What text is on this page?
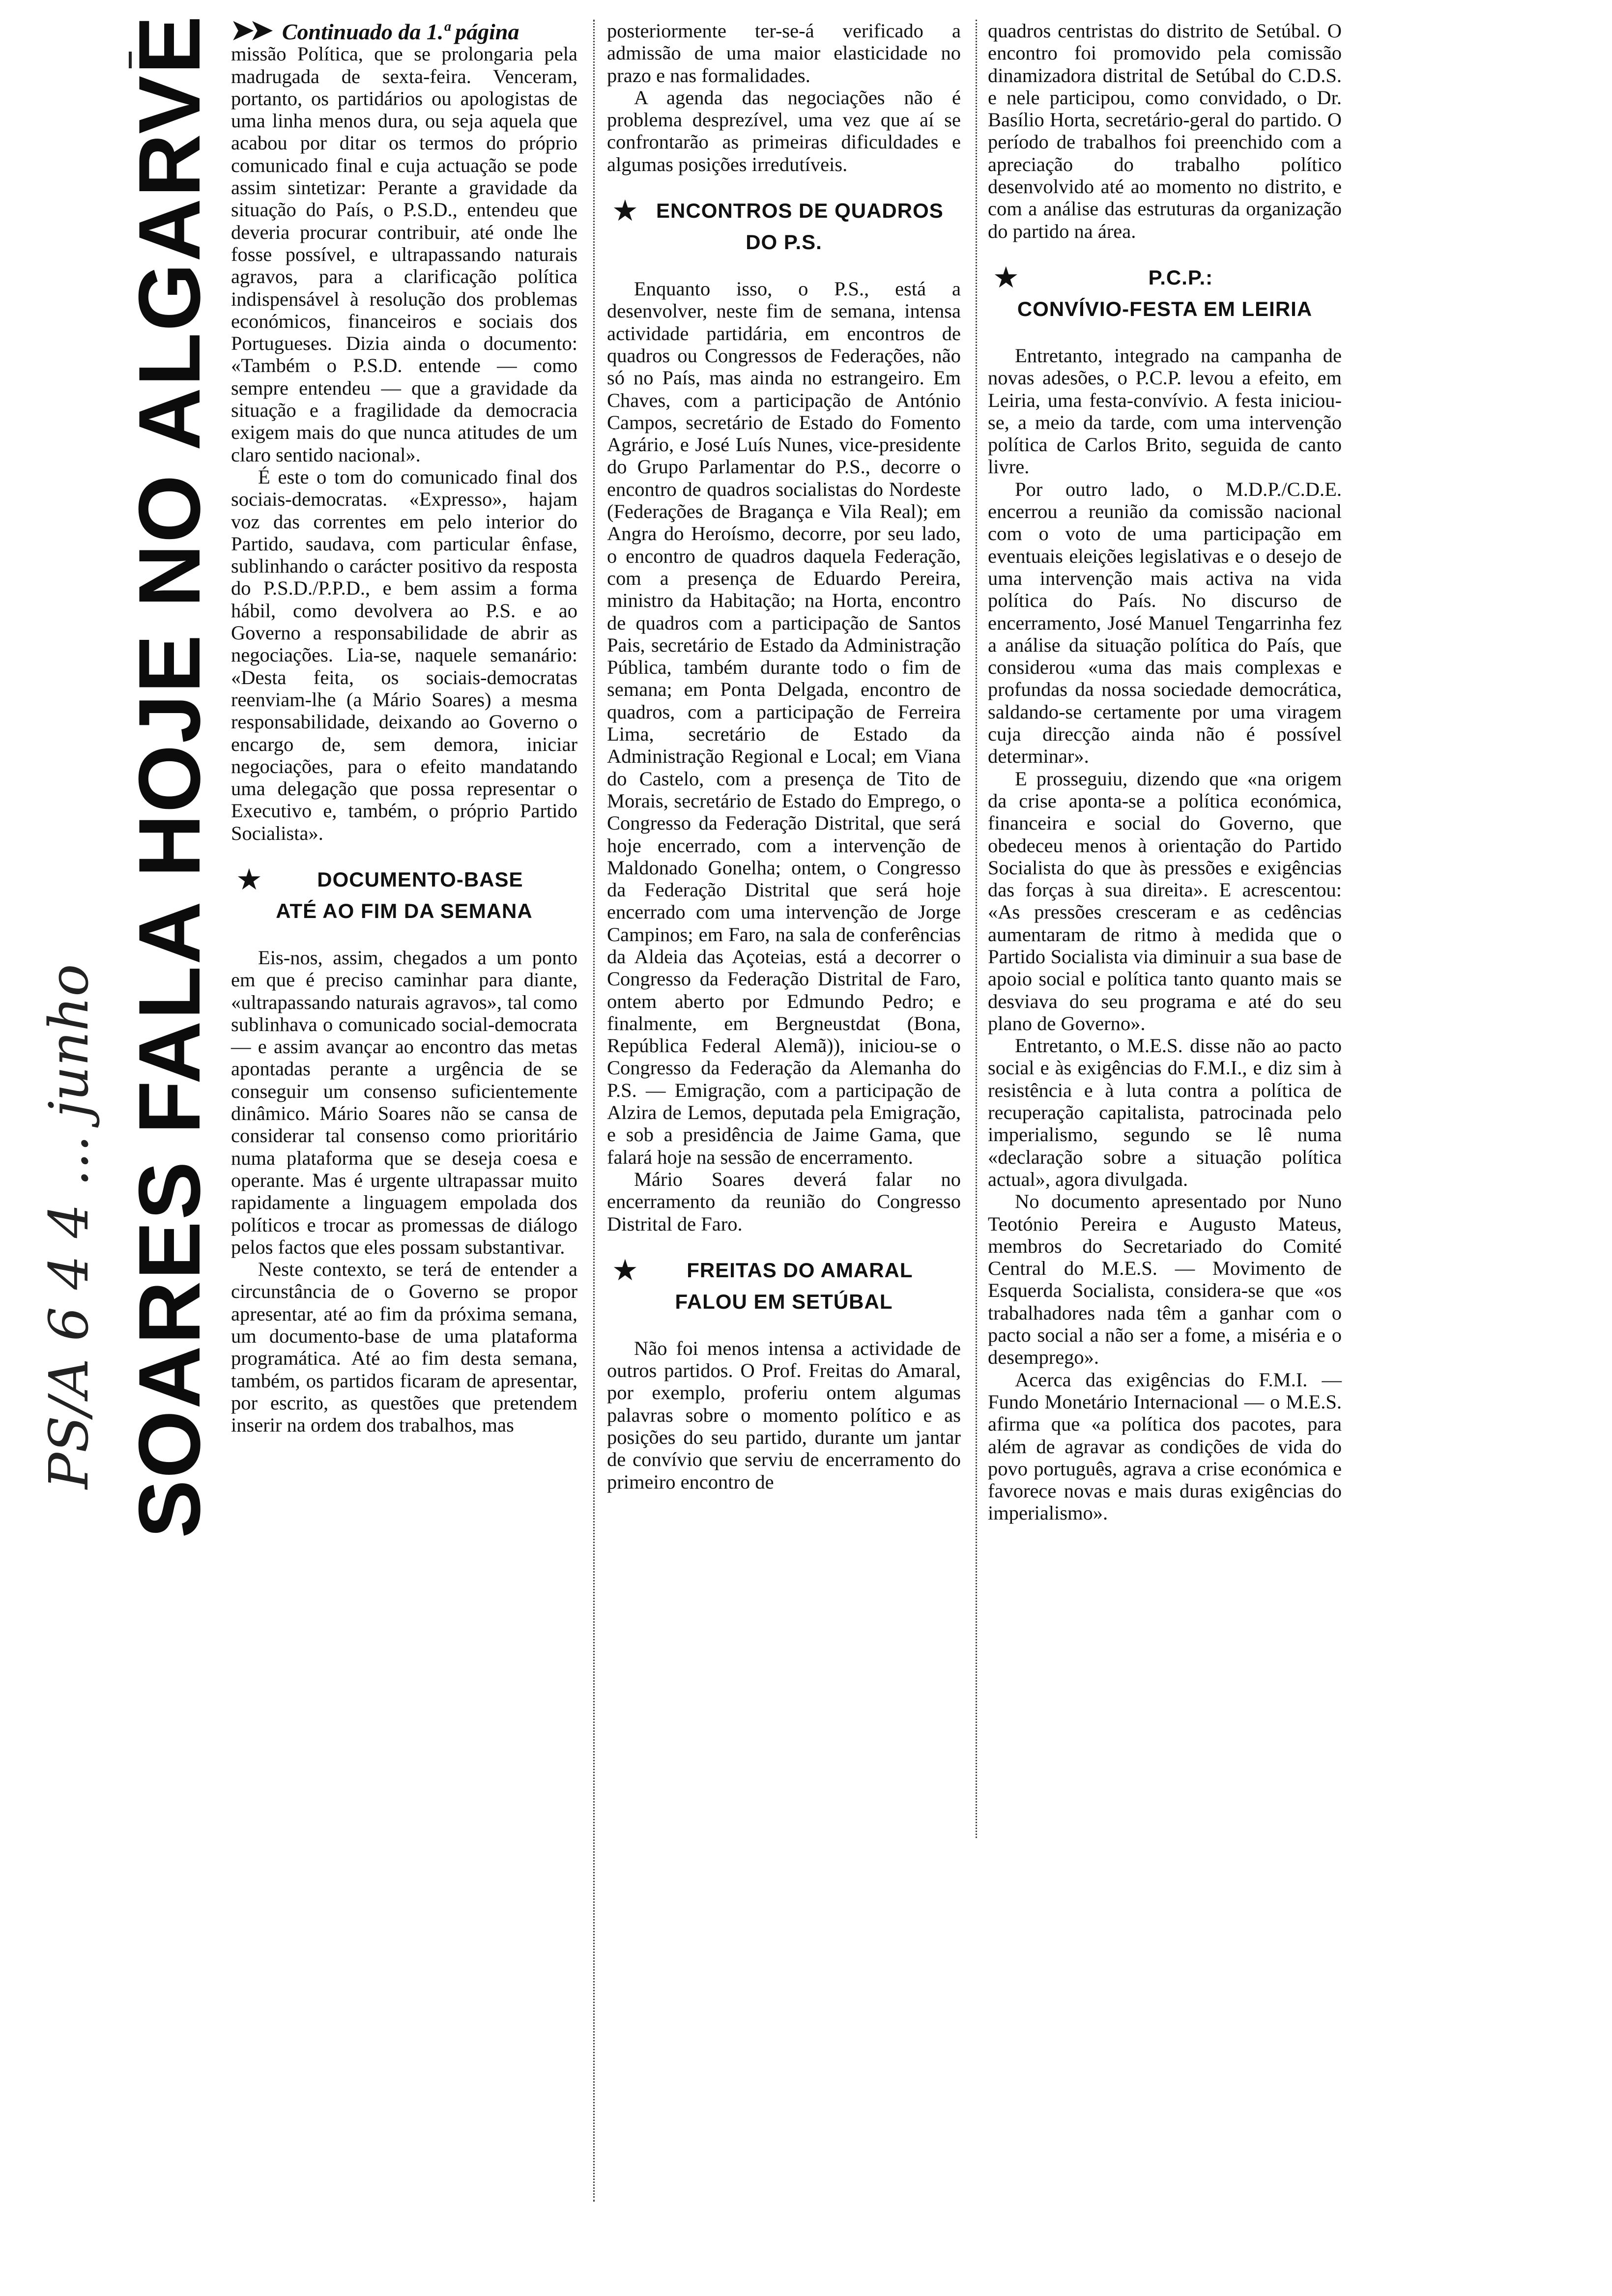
PS/A 6 4 4 ... junho SOARES FALA HOJE NO ALGARVE ➤➤ Continuado da 1.ª página

missão Política, que se prolongaria pela madrugada de sexta-feira. Venceram, portanto, os partidários ou apologistas de uma linha menos dura, ou seja aquela que acabou por ditar os termos do próprio comunicado final e cuja actuação se pode assim sintetizar: Perante a gravidade da situação do País, o P.S.D., entendeu que deveria procurar contribuir, até onde lhe fosse possível, e ultrapassando naturais agravos, para a clarificação política indispensável à resolução dos problemas económicos, financeiros e sociais dos Portugueses. Dizia ainda o documento: «Também o P.S.D. entende — como sempre entendeu — que a gravidade da situação e a fragilidade da democracia exigem mais do que nunca atitudes de um claro sentido nacional».

É este o tom do comunicado final dos sociais-democratas. «Expresso», hajam voz das correntes em pelo interior do Partido, saudava, com particular ênfase, sublinhando o carácter positivo da resposta do P.S.D./P.P.D., e bem assim a forma hábil, como devolvera ao P.S. e ao Governo a responsabilidade de abrir as negociações. Lia-se, naquele semanário: «Desta feita, os sociais-democratas reenviam-lhe (a Mário Soares) a mesma responsabilidade, deixando ao Governo o encargo de, sem demora, iniciar negociações, para o efeito mandatando uma delegação que possa representar o Executivo e, também, o próprio Partido Socialista».

★	DOCUMENTO-BASE
ATÉ AO FIM DA SEMANA

Eis-nos, assim, chegados a um ponto em que é preciso caminhar para diante, «ultrapassando naturais agravos», tal como sublinhava o comunicado social-democrata — e assim avançar ao encontro das metas apontadas perante a urgência de se conseguir um consenso suficientemente dinâmico. Mário Soares não se cansa de considerar tal consenso como prioritário numa plataforma que se deseja coesa e operante. Mas é urgente ultrapassar muito rapidamente a linguagem empolada dos políticos e trocar as promessas de diálogo pelos factos que eles possam substantivar.

Neste contexto, se terá de entender a circunstância de o Governo se propor apresentar, até ao fim da próxima semana, um documento-base de uma plataforma programática. Até ao fim desta semana, também, os partidos ficaram de apresentar, por escrito, as questões que pretendem inserir na ordem dos trabalhos, mas

posteriormente ter-se-á verificado a admissão de uma maior elasticidade no prazo e nas formalidades.

A agenda das negociações não é problema desprezível, uma vez que aí se confrontarão as primeiras dificuldades e algumas posições irredutíveis.

★ ENCONTROS DE QUADROS
DO P.S.

Enquanto isso, o P.S., está a desenvolver, neste fim de semana, intensa actividade partidária, em encontros de quadros ou Congressos de Federações, não só no País, mas ainda no estrangeiro. Em Chaves, com a participação de António Campos, secretário de Estado do Fomento Agrário, e José Luís Nunes, vice-presidente do Grupo Parlamentar do P.S., decorre o encontro de quadros socialistas do Nordeste (Federações de Bragança e Vila Real); em Angra do Heroísmo, decorre, por seu lado, o encontro de quadros daquela Federação, com a presença de Eduardo Pereira, ministro da Habitação; na Horta, encontro de quadros com a participação de Santos Pais, secretário de Estado da Administração Pública, também durante todo o fim de semana; em Ponta Delgada, encontro de quadros, com a participação de Ferreira Lima, secretário de Estado da Administração Regional e Local; em Viana do Castelo, com a presença de Tito de Morais, secretário de Estado do Emprego, o Congresso da Federação Distrital, que será hoje encerrado, com a intervenção de Maldonado Gonelha; ontem, o Congresso da Federação Distrital que será hoje encerrado com uma intervenção de Jorge Campinos; em Faro, na sala de conferências da Aldeia das Açoteias, está a decorrer o Congresso da Federação Distrital de Faro, ontem aberto por Edmundo Pedro; e finalmente, em Bergneustdat (Bona, República Federal Alemã)), iniciou-se o Congresso da Federação da Alemanha do P.S. — Emigração, com a participação de Alzira de Lemos, deputada pela Emigração, e sob a presidência de Jaime Gama, que falará hoje na sessão de encerramento.

Mário Soares deverá falar no encerramento da reunião do Congresso Distrital de Faro.

★	FREITAS DO AMARAL
FALOU EM SETÚBAL

Não foi menos intensa a actividade de outros partidos. O Prof. Freitas do Amaral, por exemplo, proferiu ontem algumas palavras sobre o momento político e as posições do seu partido, durante um jantar de convívio que serviu de encerramento do primeiro encontro de

quadros centristas do distrito de Setúbal. O encontro foi promovido pela comissão dinamizadora distrital de Setúbal do C.D.S. e nele participou, como convidado, o Dr. Basílio Horta, secretário-geral do partido. O período de trabalhos foi preenchido com a apreciação do trabalho político desenvolvido até ao momento no distrito, e com a análise das estruturas da organização do partido na área.

★	P.C.P.:
CONVÍVIO-FESTA EM LEIRIA

Entretanto, integrado na campanha de novas adesões, o P.C.P. levou a efeito, em Leiria, uma festa-convívio. A festa iniciou-se, a meio da tarde, com uma intervenção política de Carlos Brito, seguida de canto livre.

Por outro lado, o M.D.P./C.D.E. encerrou a reunião da comissão nacional com o voto de uma participação em eventuais eleições legislativas e o desejo de uma intervenção mais activa na vida política do País. No discurso de encerramento, José Manuel Tengarrinha fez a análise da situação política do País, que considerou «uma das mais complexas e profundas da nossa sociedade democrática, saldando-se certamente por uma viragem cuja direcção ainda não é possível determinar».

E prosseguiu, dizendo que «na origem da crise aponta-se a política económica, financeira e social do Governo, que obedeceu menos à orientação do Partido Socialista do que às pressões e exigências das forças à sua direita». E acrescentou: «As pressões cresceram e as cedências aumentaram de ritmo à medida que o Partido Socialista via diminuir a sua base de apoio social e política tanto quanto mais se desviava do seu programa e até do seu plano de Governo».

Entretanto, o M.E.S. disse não ao pacto social e às exigências do F.M.I., e diz sim à resistência e à luta contra a política de recuperação capitalista, patrocinada pelo imperialismo, segundo se lê numa «declaração sobre a situação política actual», agora divulgada.

No documento apresentado por Nuno Teotónio Pereira e Augusto Mateus, membros do Secretariado do Comité Central do M.E.S. — Movimento de Esquerda Socialista, considera-se que «os trabalhadores nada têm a ganhar com o pacto social a não ser a fome, a miséria e o desemprego».

Acerca das exigências do F.M.I. — Fundo Monetário Internacional — o M.E.S. afirma que «a política dos pacotes, para além de agravar as condições de vida do povo português, agrava a crise económica e favorece novas e mais duras exigências do imperialismo».
